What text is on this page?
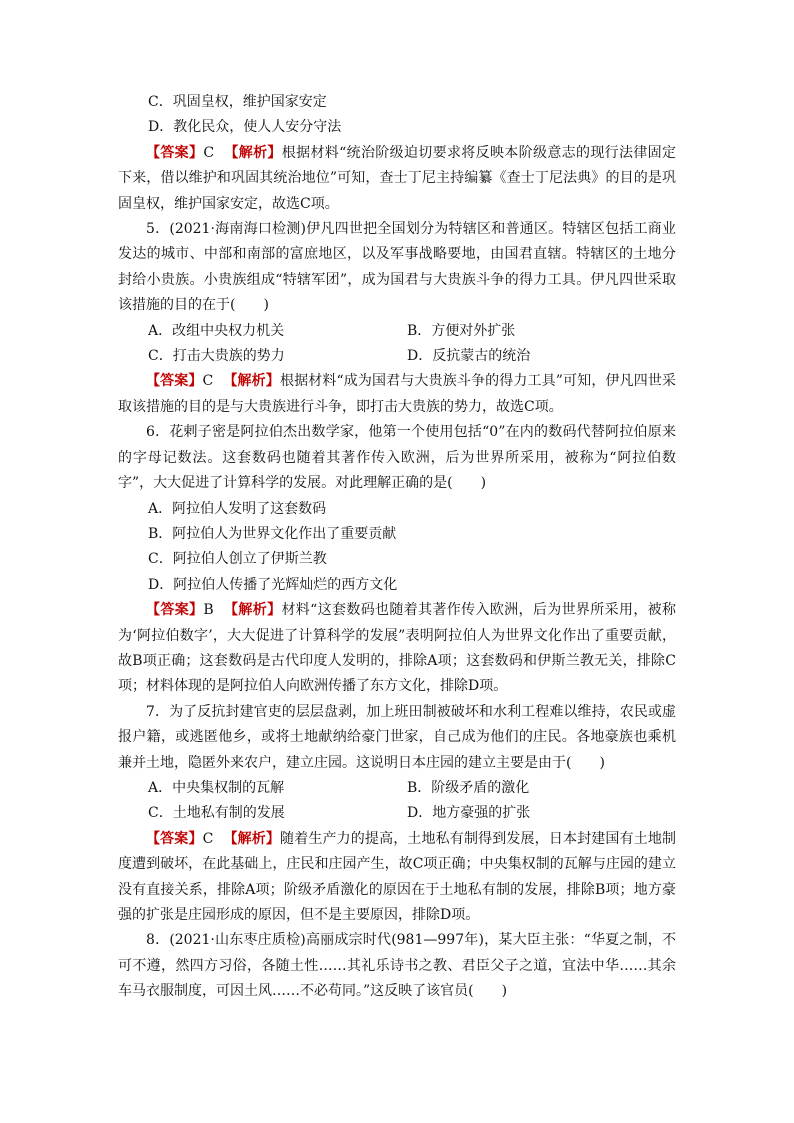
C．巩固皇权，维护国家安定

D．教化民众，使人人安分守法

【答案】C 【解析】根据材料“统治阶级迫切要求将反映本阶级意志的现行法律固定下来，借以维护和巩固其统治地位”可知，查士丁尼主持编纂《查士丁尼法典》的目的是巩固皇权，维护国家安定，故选C项。

5．(2021·海南海口检测)伊凡四世把全国划分为特辖区和普通区。特辖区包括工商业发达的城市、中部和南部的富庶地区，以及军事战略要地，由国君直辖。特辖区的土地分封给小贵族。小贵族组成“特辖军团”，成为国君与大贵族斗争的得力工具。伊凡四世采取该措施的目的在于(　　)

A．改组中央权力机关	B．方便对外扩张
C．打击大贵族的势力	D．反抗蒙古的统治

【答案】C 【解析】根据材料“成为国君与大贵族斗争的得力工具”可知，伊凡四世采取该措施的目的是与大贵族进行斗争，即打击大贵族的势力，故选C项。

6．花剌子密是阿拉伯杰出数学家，他第一个使用包括“0”在内的数码代替阿拉伯原来的字母记数法。这套数码也随着其著作传入欧洲，后为世界所采用，被称为“阿拉伯数字”，大大促进了计算科学的发展。对此理解正确的是(　　)

A．阿拉伯人发明了这套数码

B．阿拉伯人为世界文化作出了重要贡献

C．阿拉伯人创立了伊斯兰教

D．阿拉伯人传播了光辉灿烂的西方文化

【答案】B 【解析】材料“这套数码也随着其著作传入欧洲，后为世界所采用，被称为‘阿拉伯数字’，大大促进了计算科学的发展”表明阿拉伯人为世界文化作出了重要贡献，故B项正确；这套数码是古代印度人发明的，排除A项；这套数码和伊斯兰教无关，排除C项；材料体现的是阿拉伯人向欧洲传播了东方文化，排除D项。

7．为了反抗封建官吏的层层盘剥，加上班田制被破坏和水利工程难以维持，农民或虚报户籍，或逃匿他乡，或将土地献纳给豪门世家，自己成为他们的庄民。各地豪族也乘机兼并土地，隐匿外来农户，建立庄园。这说明日本庄园的建立主要是由于(　　)

A．中央集权制的瓦解	B．阶级矛盾的激化
C．土地私有制的发展	D．地方豪强的扩张

【答案】C 【解析】随着生产力的提高，土地私有制得到发展，日本封建国有土地制度遭到破坏，在此基础上，庄民和庄园产生，故C项正确；中央集权制的瓦解与庄园的建立没有直接关系，排除A项；阶级矛盾激化的原因在于土地私有制的发展，排除B项；地方豪强的扩张是庄园形成的原因，但不是主要原因，排除D项。

8．(2021·山东枣庄质检)高丽成宗时代(981—997年)，某大臣主张：“华夏之制，不可不遵，然四方习俗，各随土性……其礼乐诗书之教、君臣父子之道，宜法中华……其余车马衣服制度，可因土风……不必苟同。”这反映了该官员(　　)
